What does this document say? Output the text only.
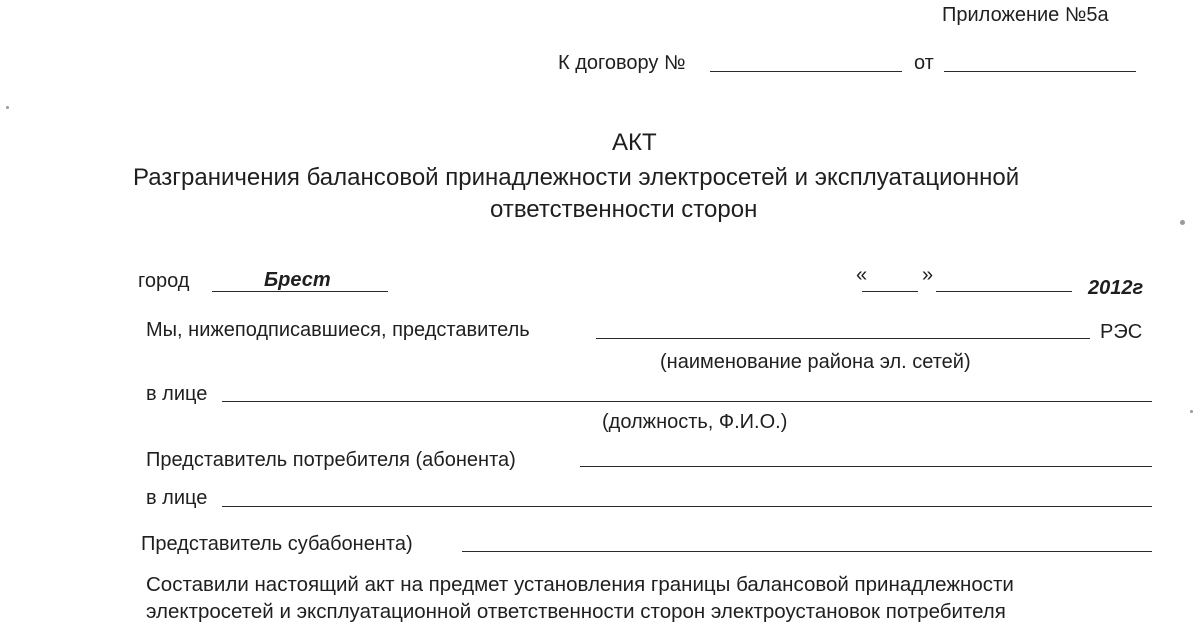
Приложение №5а
К договору №	от
АКТ
Разграничения балансовой принадлежности электросетей и эксплуатационной
ответственности сторон
город	Брест	«	»
2012г
Мы, нижеподписавшиеся, представитель	РЭС
(наименование района эл. сетей)
в лице
(должность, Ф.И.О.)
Представитель потребителя (абонента)
в лице
Представитель субабонента)
Составили настоящий акт на предмет установления границы балансовой принадлежности
электросетей и эксплуатационной ответственности сторон электроустановок потребителя
